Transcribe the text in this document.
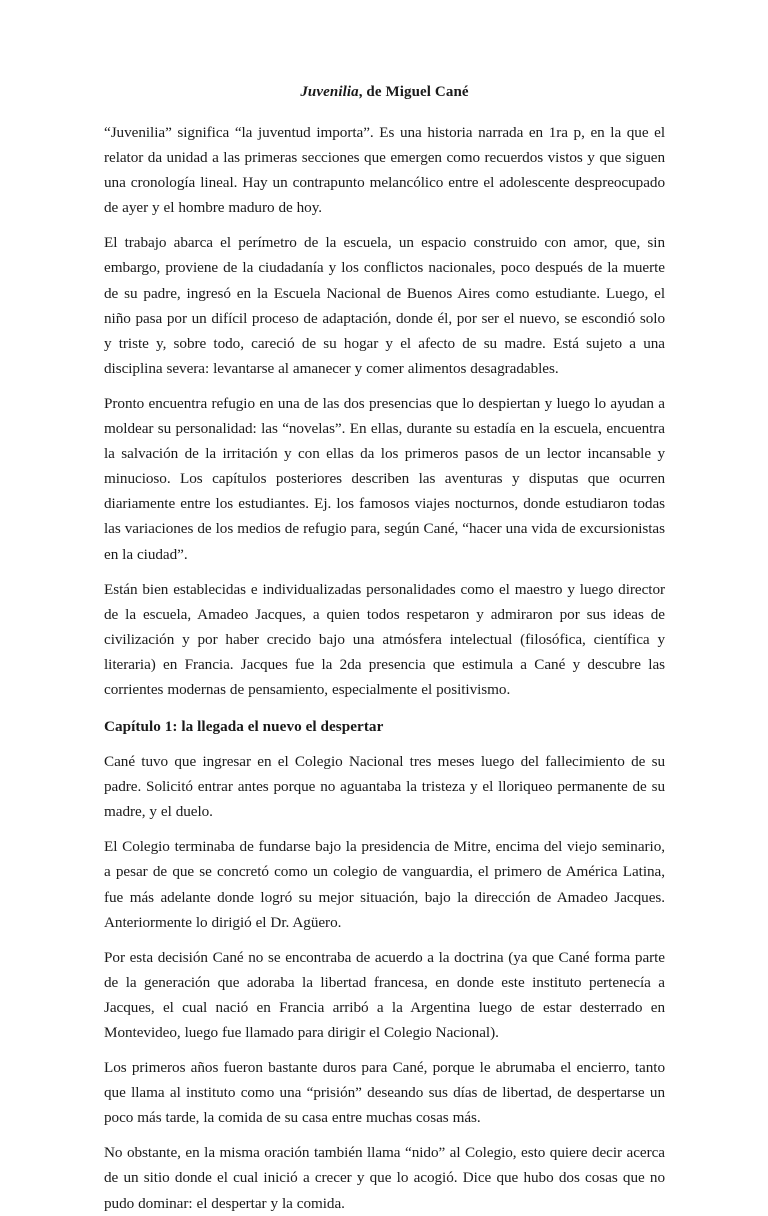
Juvenilia, de Miguel Cané

“Juvenilia” significa “la juventud importa”. Es una historia narrada en 1ra p, en la que el relator da unidad a las primeras secciones que emergen como recuerdos vistos y que siguen una cronología lineal. Hay un contrapunto melancólico entre el adolescente despreocupado de ayer y el hombre maduro de hoy.

El trabajo abarca el perímetro de la escuela, un espacio construido con amor, que, sin embargo, proviene de la ciudadanía y los conflictos nacionales, poco después de la muerte de su padre, ingresó en la Escuela Nacional de Buenos Aires como estudiante. Luego, el niño pasa por un difícil proceso de adaptación, donde él, por ser el nuevo, se escondió solo y triste y, sobre todo, careció de su hogar y el afecto de su madre. Está sujeto a una disciplina severa: levantarse al amanecer y comer alimentos desagradables.

Pronto encuentra refugio en una de las dos presencias que lo despiertan y luego lo ayudan a moldear su personalidad: las “novelas”. En ellas, durante su estadía en la escuela, encuentra la salvación de la irritación y con ellas da los primeros pasos de un lector incansable y minucioso. Los capítulos posteriores describen las aventuras y disputas que ocurren diariamente entre los estudiantes. Ej. los famosos viajes nocturnos, donde estudiaron todas las variaciones de los medios de refugio para, según Cané, “hacer una vida de excursionistas en la ciudad”.

Están bien establecidas e individualizadas personalidades como el maestro y luego director de la escuela, Amadeo Jacques, a quien todos respetaron y admiraron por sus ideas de civilización y por haber crecido bajo una atmósfera intelectual (filosófica, científica y literaria) en Francia. Jacques fue la 2da presencia que estimula a Cané y descubre las corrientes modernas de pensamiento, especialmente el positivismo.

Capítulo 1: la llegada el nuevo el despertar

Cané tuvo que ingresar en el Colegio Nacional tres meses luego del fallecimiento de su padre. Solicitó entrar antes porque no aguantaba la tristeza y el lloriqueo permanente de su madre, y el duelo.

El Colegio terminaba de fundarse bajo la presidencia de Mitre, encima del viejo seminario, a pesar de que se concretó como un colegio de vanguardia, el primero de América Latina, fue más adelante donde logró su mejor situación, bajo la dirección de Amadeo Jacques. Anteriormente lo dirigió el Dr. Agüero.

Por esta decisión Cané no se encontraba de acuerdo a la doctrina (ya que Cané forma parte de la generación que adoraba la libertad francesa, en donde este instituto pertenecía a Jacques, el cual nació en Francia arribó a la Argentina luego de estar desterrado en Montevideo, luego fue llamado para dirigir el Colegio Nacional).

Los primeros años fueron bastante duros para Cané, porque le abrumaba el encierro, tanto que llama al instituto como una “prisión” deseando sus días de libertad, de despertarse un poco más tarde, la comida de su casa entre muchas cosas más.

No obstante, en la misma oración también llama “nido” al Colegio, esto quiere decir acerca de un sitio donde el cual inició a crecer y que lo acogió. Dice que hubo dos cosas que no pudo dominar: el despertar y la comida.
